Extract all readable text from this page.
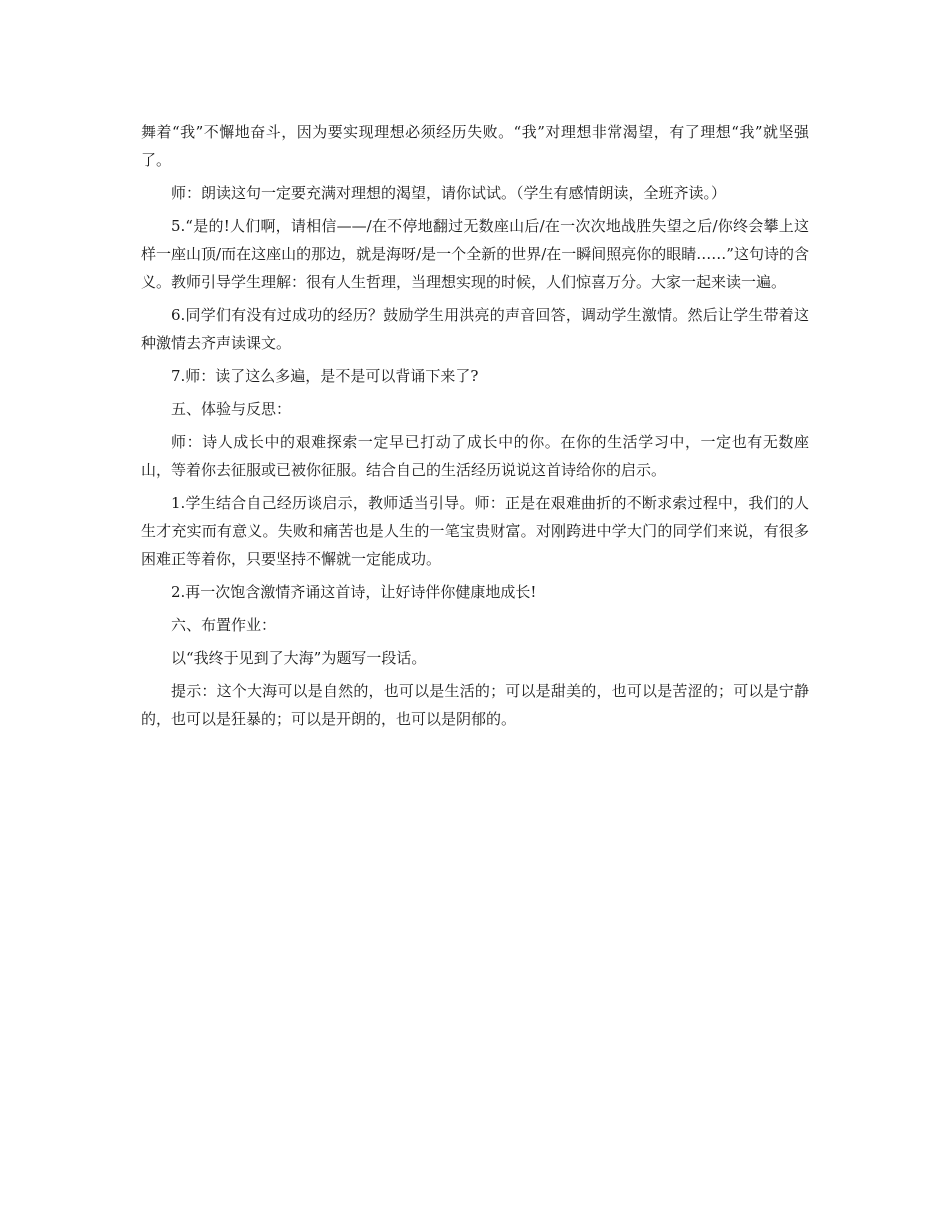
舞着“我”不懈地奋斗，因为要实现理想必须经历失败。“我”对理想非常渴望，有了理想“我”就坚强了。

师：朗读这句一定要充满对理想的渴望，请你试试。（学生有感情朗读，全班齐读。）

5.“是的!人们啊，请相信——/在不停地翻过无数座山后/在一次次地战胜失望之后/你终会攀上这样一座山顶/而在这座山的那边，就是海呀/是一个全新的世界/在一瞬间照亮你的眼睛……”这句诗的含义。教师引导学生理解：很有人生哲理，当理想实现的时候，人们惊喜万分。大家一起来读一遍。

6.同学们有没有过成功的经历？鼓励学生用洪亮的声音回答，调动学生激情。然后让学生带着这种激情去齐声读课文。

7.师：读了这么多遍，是不是可以背诵下来了?

五、体验与反思：

师：诗人成长中的艰难探索一定早已打动了成长中的你。在你的生活学习中，一定也有无数座山，等着你去征服或已被你征服。结合自己的生活经历说说这首诗给你的启示。

1.学生结合自己经历谈启示，教师适当引导。师：正是在艰难曲折的不断求索过程中，我们的人生才充实而有意义。失败和痛苦也是人生的一笔宝贵财富。对刚跨进中学大门的同学们来说，有很多困难正等着你，只要坚持不懈就一定能成功。

2.再一次饱含激情齐诵这首诗，让好诗伴你健康地成长!

六、布置作业：

以“我终于见到了大海”为题写一段话。

提示：这个大海可以是自然的，也可以是生活的；可以是甜美的，也可以是苦涩的；可以是宁静的，也可以是狂暴的；可以是开朗的，也可以是阴郁的。
